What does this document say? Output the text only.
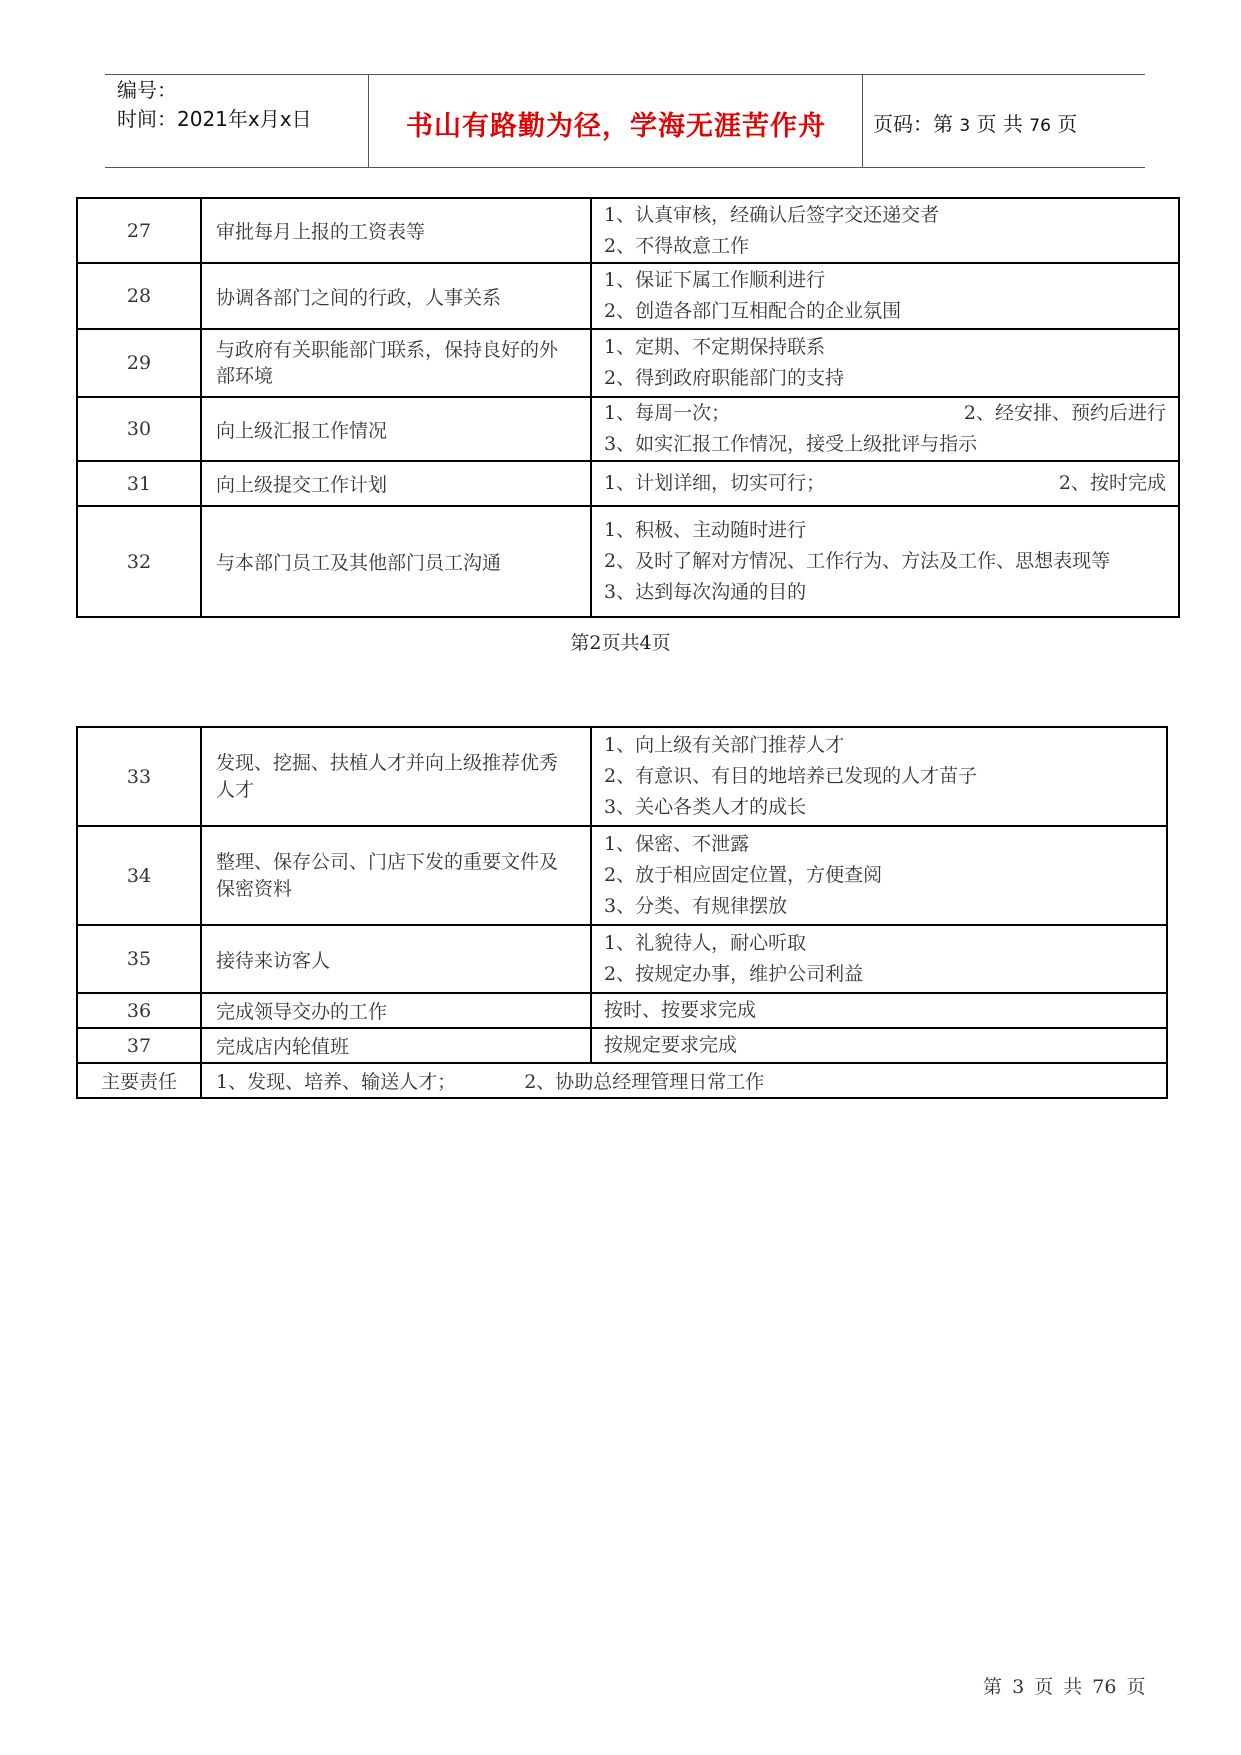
编号：
时间：2021年x月x日	书山有路勤为径，学海无涯苦作舟	页码：第 3 页 共 76 页
27	审批每月上报的工资表等	1、认真审核，经确认后签字交还递交者
2、不得故意工作

28	协调各部门之间的行政，人事关系	1、保证下属工作顺利进行
2、创造各部门互相配合的企业氛围

29	与政府有关职能部门联系，保持良好的外部环境	1、定期、不定期保持联系
2、得到政府职能部门的支持

30	向上级汇报工作情况	1、每周一次； 2、经安排、预约后进行
3、如实汇报工作情况，接受上级批评与指示

31	向上级提交工作计划	1、计划详细，切实可行； 2、按时完成

32	与本部门员工及其他部门员工沟通	1、积极、主动随时进行
2、及时了解对方情况、工作行为、方法及工作、思想表现等
3、达到每次沟通的目的
第2页共4页
33	发现、挖掘、扶植人才并向上级推荐优秀人才	1、向上级有关部门推荐人才
2、有意识、有目的地培养已发现的人才苗子
3、关心各类人才的成长

34	整理、保存公司、门店下发的重要文件及保密资料	1、保密、不泄露
2、放于相应固定位置，方便查阅
3、分类、有规律摆放

35	接待来访客人	1、礼貌待人，耐心听取
2、按规定办事，维护公司利益

36	完成领导交办的工作	按时、按要求完成

37	完成店内轮值班	按规定要求完成

主要责任	1、发现、培养、输送人才； 2、协助总经理管理日常工作	
第 3 页 共 76 页
